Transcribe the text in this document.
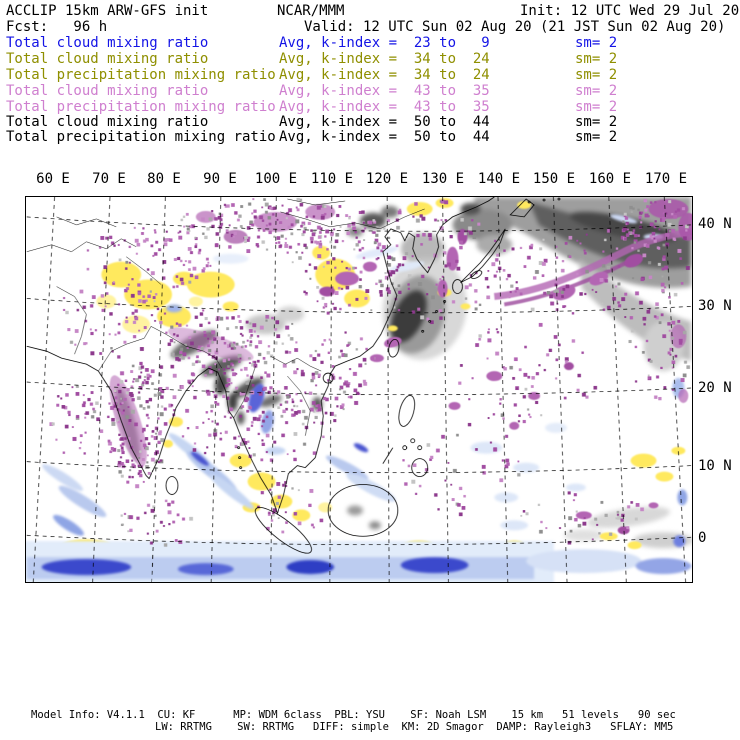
ACCLIP 15km ARW-GFS init	NCAR/MMM	Init: 12 UTC Wed 29 Jul 20
Fcst:   96 h	Valid: 12 UTC Sun 02 Aug 20 (21 JST Sun 02 Aug 20)
Total cloud mixing ratio	Avg, k-index =  23 to   9	sm= 2
Total cloud mixing ratio	Avg, k-index =  34 to  24	sm= 2
Total precipitation mixing ratio Avg, k-index =  34 to  24	sm= 2
Total cloud mixing ratio	Avg, k-index =  43 to  35	sm= 2
Total precipitation mixing ratio Avg, k-index =  43 to  35	sm= 2
Total cloud mixing ratio	Avg, k-index =  50 to  44	sm= 2
Total precipitation mixing ratio Avg, k-index =  50 to  44	sm= 2
60 E	70 E	80 E	90 E	100 E 110 E 120 E 130 E 140 E 150 E 160 E 170 E
40 N
30 N
20 N
10 N
0
Model Info: V4.1.1  CU: KF      MP: WDM 6class  PBL: YSU    SF: Noah LSM    15 km   51 levels   90 sec
LW: RRTMG    SW: RRTMG   DIFF: simple  KM: 2D Smagor  DAMP: Rayleigh3   SFLAY: MM5
